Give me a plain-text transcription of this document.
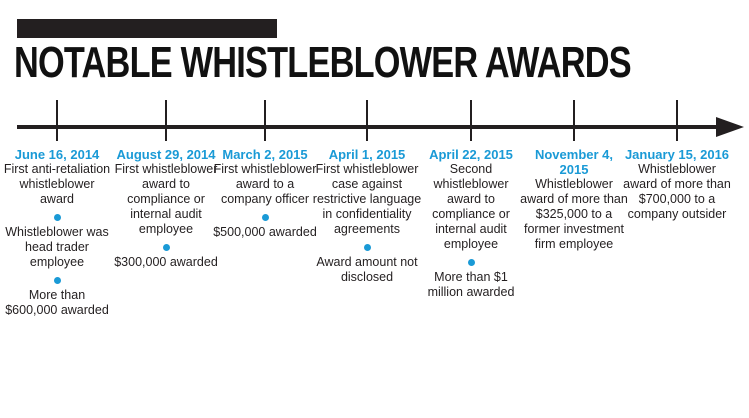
NOTABLE WHISTLEBLOWER AWARDS
June 16, 2014
First anti-retaliation whistleblower award
Whistleblower was head trader employee
More than $600,000 awarded
August 29, 2014
First whistleblower award to compliance or internal audit employee
$300,000 awarded
March 2, 2015
First whistleblower award to a company officer
$500,000 awarded
April 1, 2015
First whistleblower case against restrictive language in confidentiality agreements
Award amount not disclosed
April 22, 2015
Second whistleblower award to compliance or internal audit employee
More than $1 million awarded
November 4, 2015
Whistleblower award of more than $325,000 to a former investment firm employee
January 15, 2016
Whistleblower award of more than $700,000 to a company outsider
